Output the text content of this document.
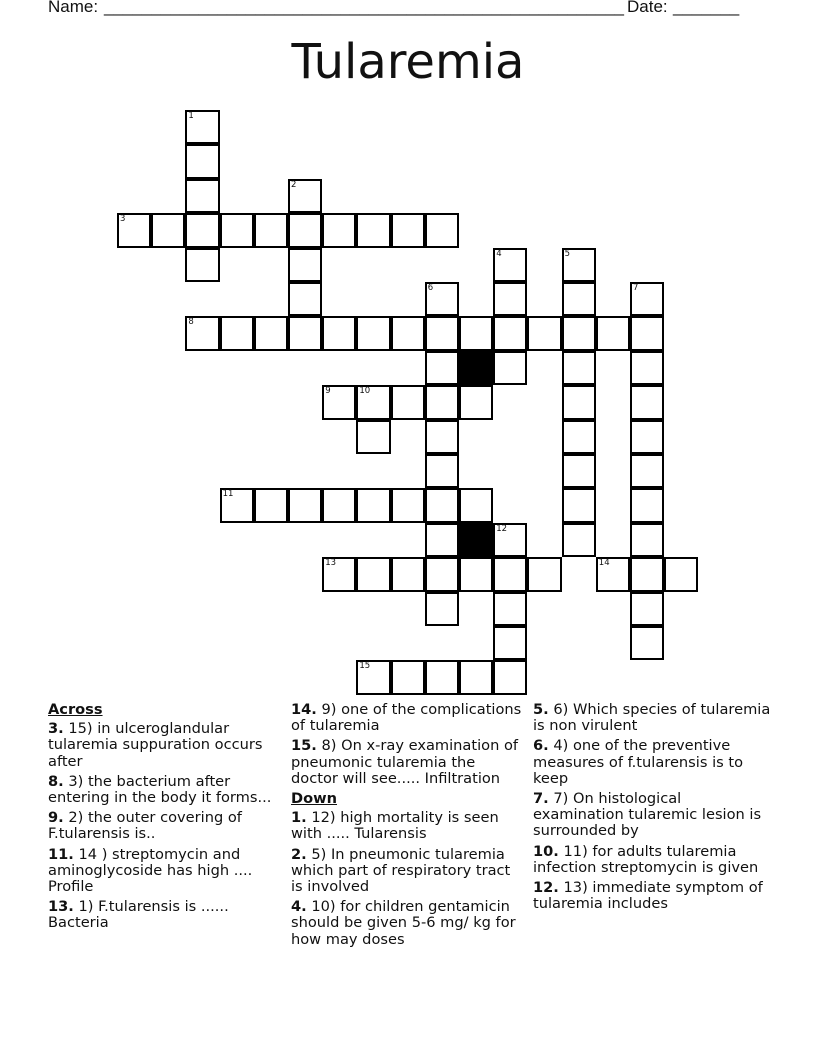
Name: _______________________________________________________ Date: _______
Tularemia
3
8
9	10
11
13	14
15
1
2
4	5
6	7
12
Across
3. 15) in ulceroglandular tularemia suppuration occurs after
8. 3) the bacterium after entering in the body it forms...
9. 2) the outer covering of F.tularensis is..
11. 14 ) streptomycin and aminoglycoside has high .... Profile
13. 1) F.tularensis is ...... Bacteria
14. 9) one of the complications of tularemia
15. 8) On x-ray examination of pneumonic tularemia the doctor will see..... Infiltration
Down
1. 12) high mortality is seen with ..... Tularensis
2. 5) In pneumonic tularemia which part of respiratory tract is involved
4. 10) for children gentamicin should be given 5-6 mg/ kg for how may doses
5. 6) Which species of tularemia is non virulent
6. 4) one of the preventive measures of f.tularensis is to keep
7. 7) On histological examination tularemic lesion is surrounded by
10. 11) for adults tularemia infection streptomycin is given
12. 13) immediate symptom of tularemia includes
